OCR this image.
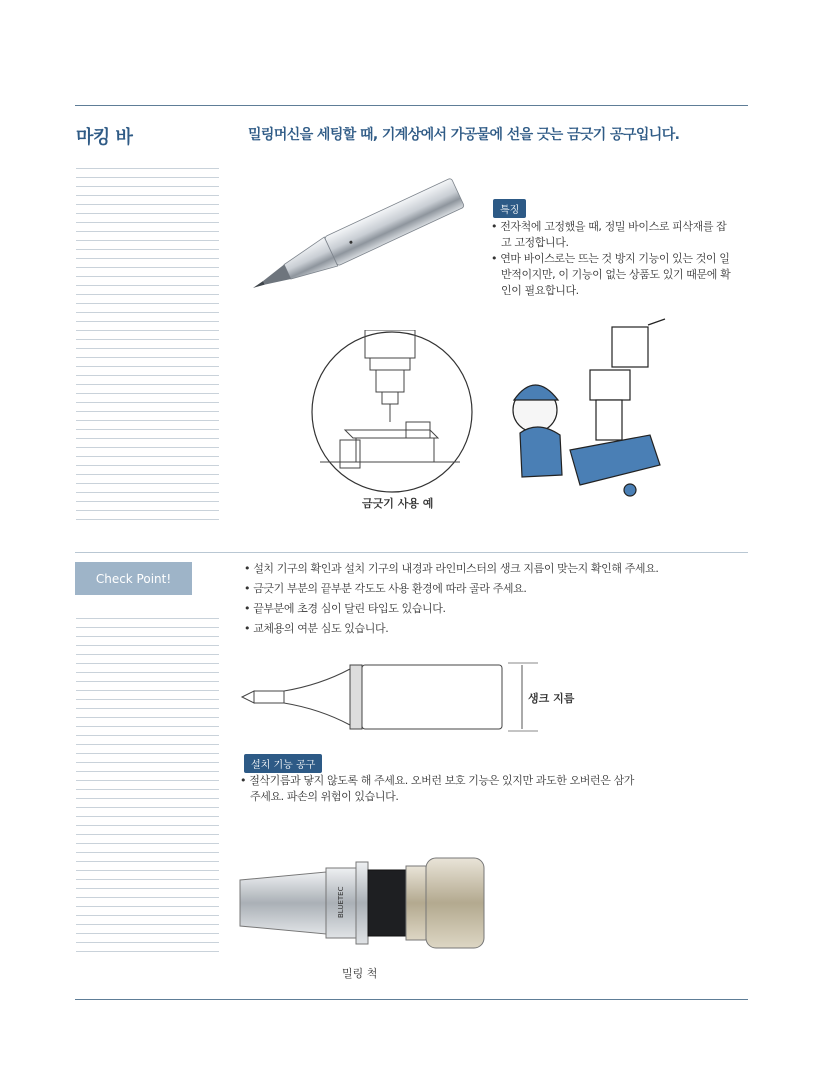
마킹 바	밀링머신을 세팅할 때, 기계상에서 가공물에 선을 긋는 금긋기 공구입니다.
특징
• 전자척에 고정했을 때, 정밀 바이스로 피삭재를 잡고 고정합니다.
• 연마 바이스로는 뜨는 것 방지 기능이 있는 것이 일반적이지만, 이 기능이 없는 상품도 있기 때문에 확인이 필요합니다.
금긋기 사용 예
Check Point!
• 설치 기구의 확인과 설치 기구의 내경과 라인미스터의 생크 지름이 맞는지 확인해 주세요.
• 금긋기 부분의 끝부분 각도도 사용 환경에 따라 골라 주세요.
• 끝부분에 초경 심이 달린 타입도 있습니다.
• 교체용의 여분 심도 있습니다.
생크 지름
설치 기능 공구
• 절삭기름과 닿지 않도록 해 주세요. 오버런 보호 기능은 있지만 과도한 오버런은 삼가 주세요. 파손의 위험이 있습니다.
BLUETEC
밀링 척
